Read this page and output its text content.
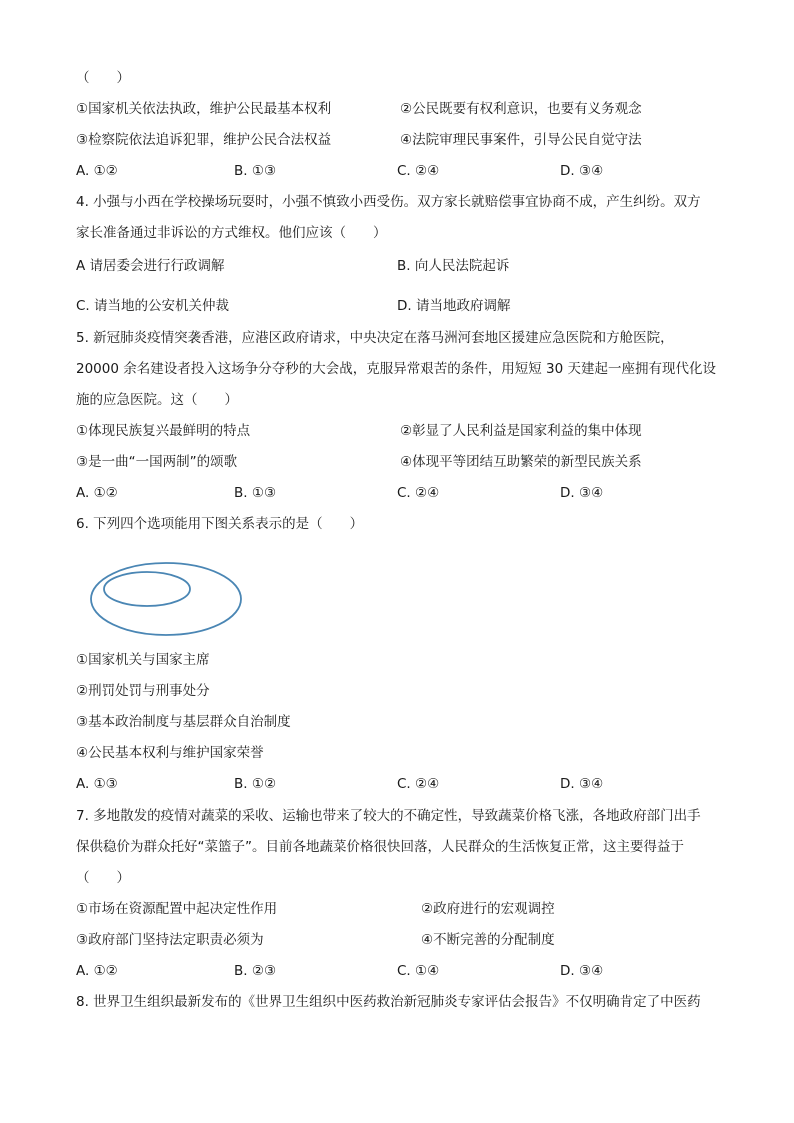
（　　）
①国家机关依法执政，维护公民最基本权利	②公民既要有权利意识，也要有义务观念
③检察院依法追诉犯罪，维护公民合法权益	④法院审理民事案件，引导公民自觉守法
A. ①②	B. ①③	C. ②④	D. ③④
4. 小强与小西在学校操场玩耍时，小强不慎致小西受伤。双方家长就赔偿事宜协商不成，产生纠纷。双方
家长准备通过非诉讼的方式维权。他们应该（　　）
A 请居委会进行行政调解	B. 向人民法院起诉
C. 请当地的公安机关仲裁	D. 请当地政府调解
5. 新冠肺炎疫情突袭香港，应港区政府请求，中央决定在落马洲河套地区援建应急医院和方舱医院，
20000 余名建设者投入这场争分夺秒的大会战，克服异常艰苦的条件，用短短 30 天建起一座拥有现代化设
施的应急医院。这（　　）
①体现民族复兴最鲜明的特点	②彰显了人民利益是国家利益的集中体现
③是一曲“一国两制”的颂歌	④体现平等团结互助繁荣的新型民族关系
A. ①②	B. ①③	C. ②④	D. ③④
6. 下列四个选项能用下图关系表示的是（　　）
①国家机关与国家主席
②刑罚处罚与刑事处分
③基本政治制度与基层群众自治制度
④公民基本权利与维护国家荣誉
A. ①③	B. ①②	C. ②④	D. ③④
7. 多地散发的疫情对蔬菜的采收、运输也带来了较大的不确定性，导致蔬菜价格飞涨，各地政府部门出手
保供稳价为群众托好“菜篮子”。目前各地蔬菜价格很快回落，人民群众的生活恢复正常，这主要得益于
（　　）
①市场在资源配置中起决定性作用	②政府进行的宏观调控
③政府部门坚持法定职责必须为	④不断完善的分配制度
A. ①②	B. ②③	C. ①④	D. ③④
8. 世界卫生组织最新发布的《世界卫生组织中医药救治新冠肺炎专家评估会报告》不仅明确肯定了中医药
